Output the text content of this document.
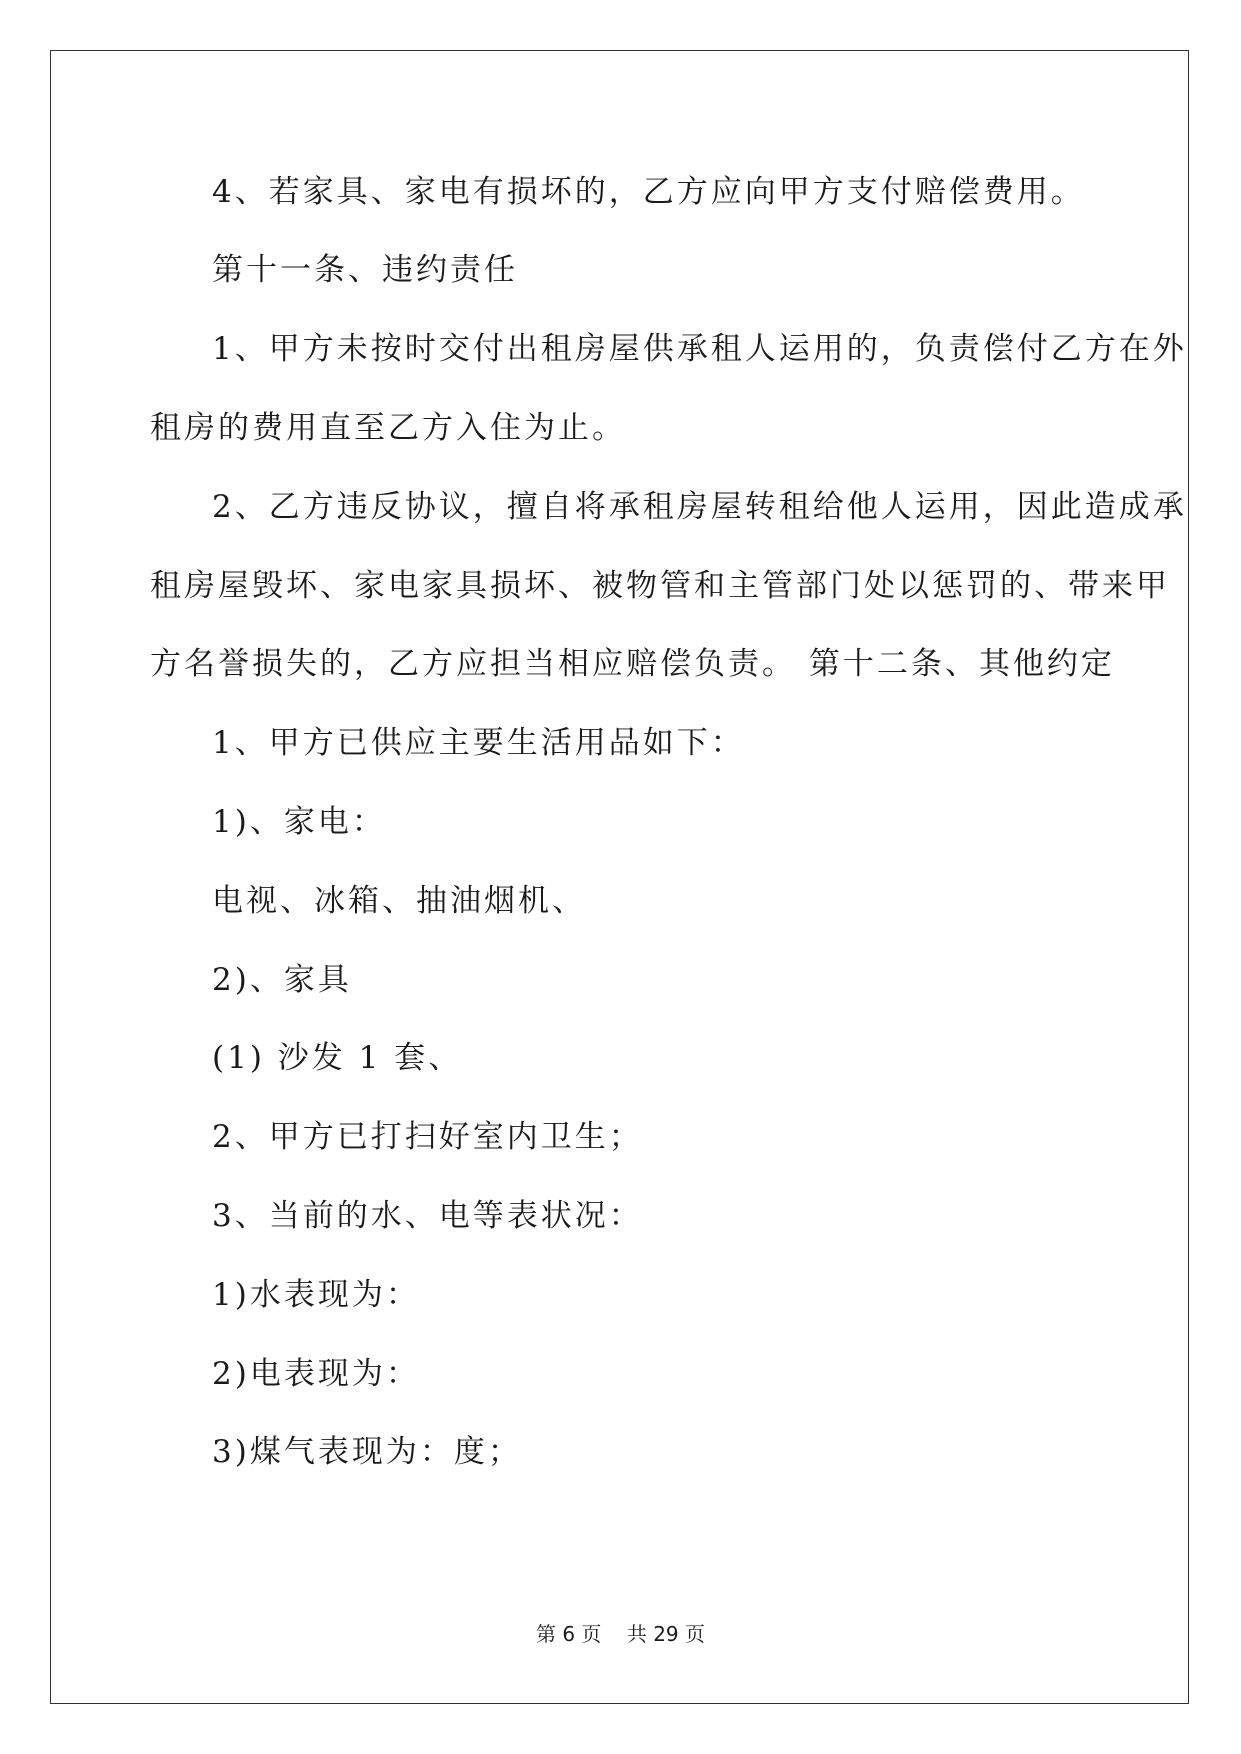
4、若家具、家电有损坏的，乙方应向甲方支付赔偿费用。
第十一条、违约责任
1、甲方未按时交付出租房屋供承租人运用的，负责偿付乙方在外
租房的费用直至乙方入住为止。
2、乙方违反协议，擅自将承租房屋转租给他人运用，因此造成承
租房屋毁坏、家电家具损坏、被物管和主管部门处以惩罚的、带来甲
方名誉损失的，乙方应担当相应赔偿负责。 第十二条、其他约定
1、甲方已供应主要生活用品如下：
1)、家电：
电视、冰箱、抽油烟机、
2)、家具
(1) 沙发 1 套、
2、甲方已打扫好室内卫生；
3、当前的水、电等表状况：
1)水表现为：
2)电表现为：
3)煤气表现为：度；
第 6 页    共 29 页
